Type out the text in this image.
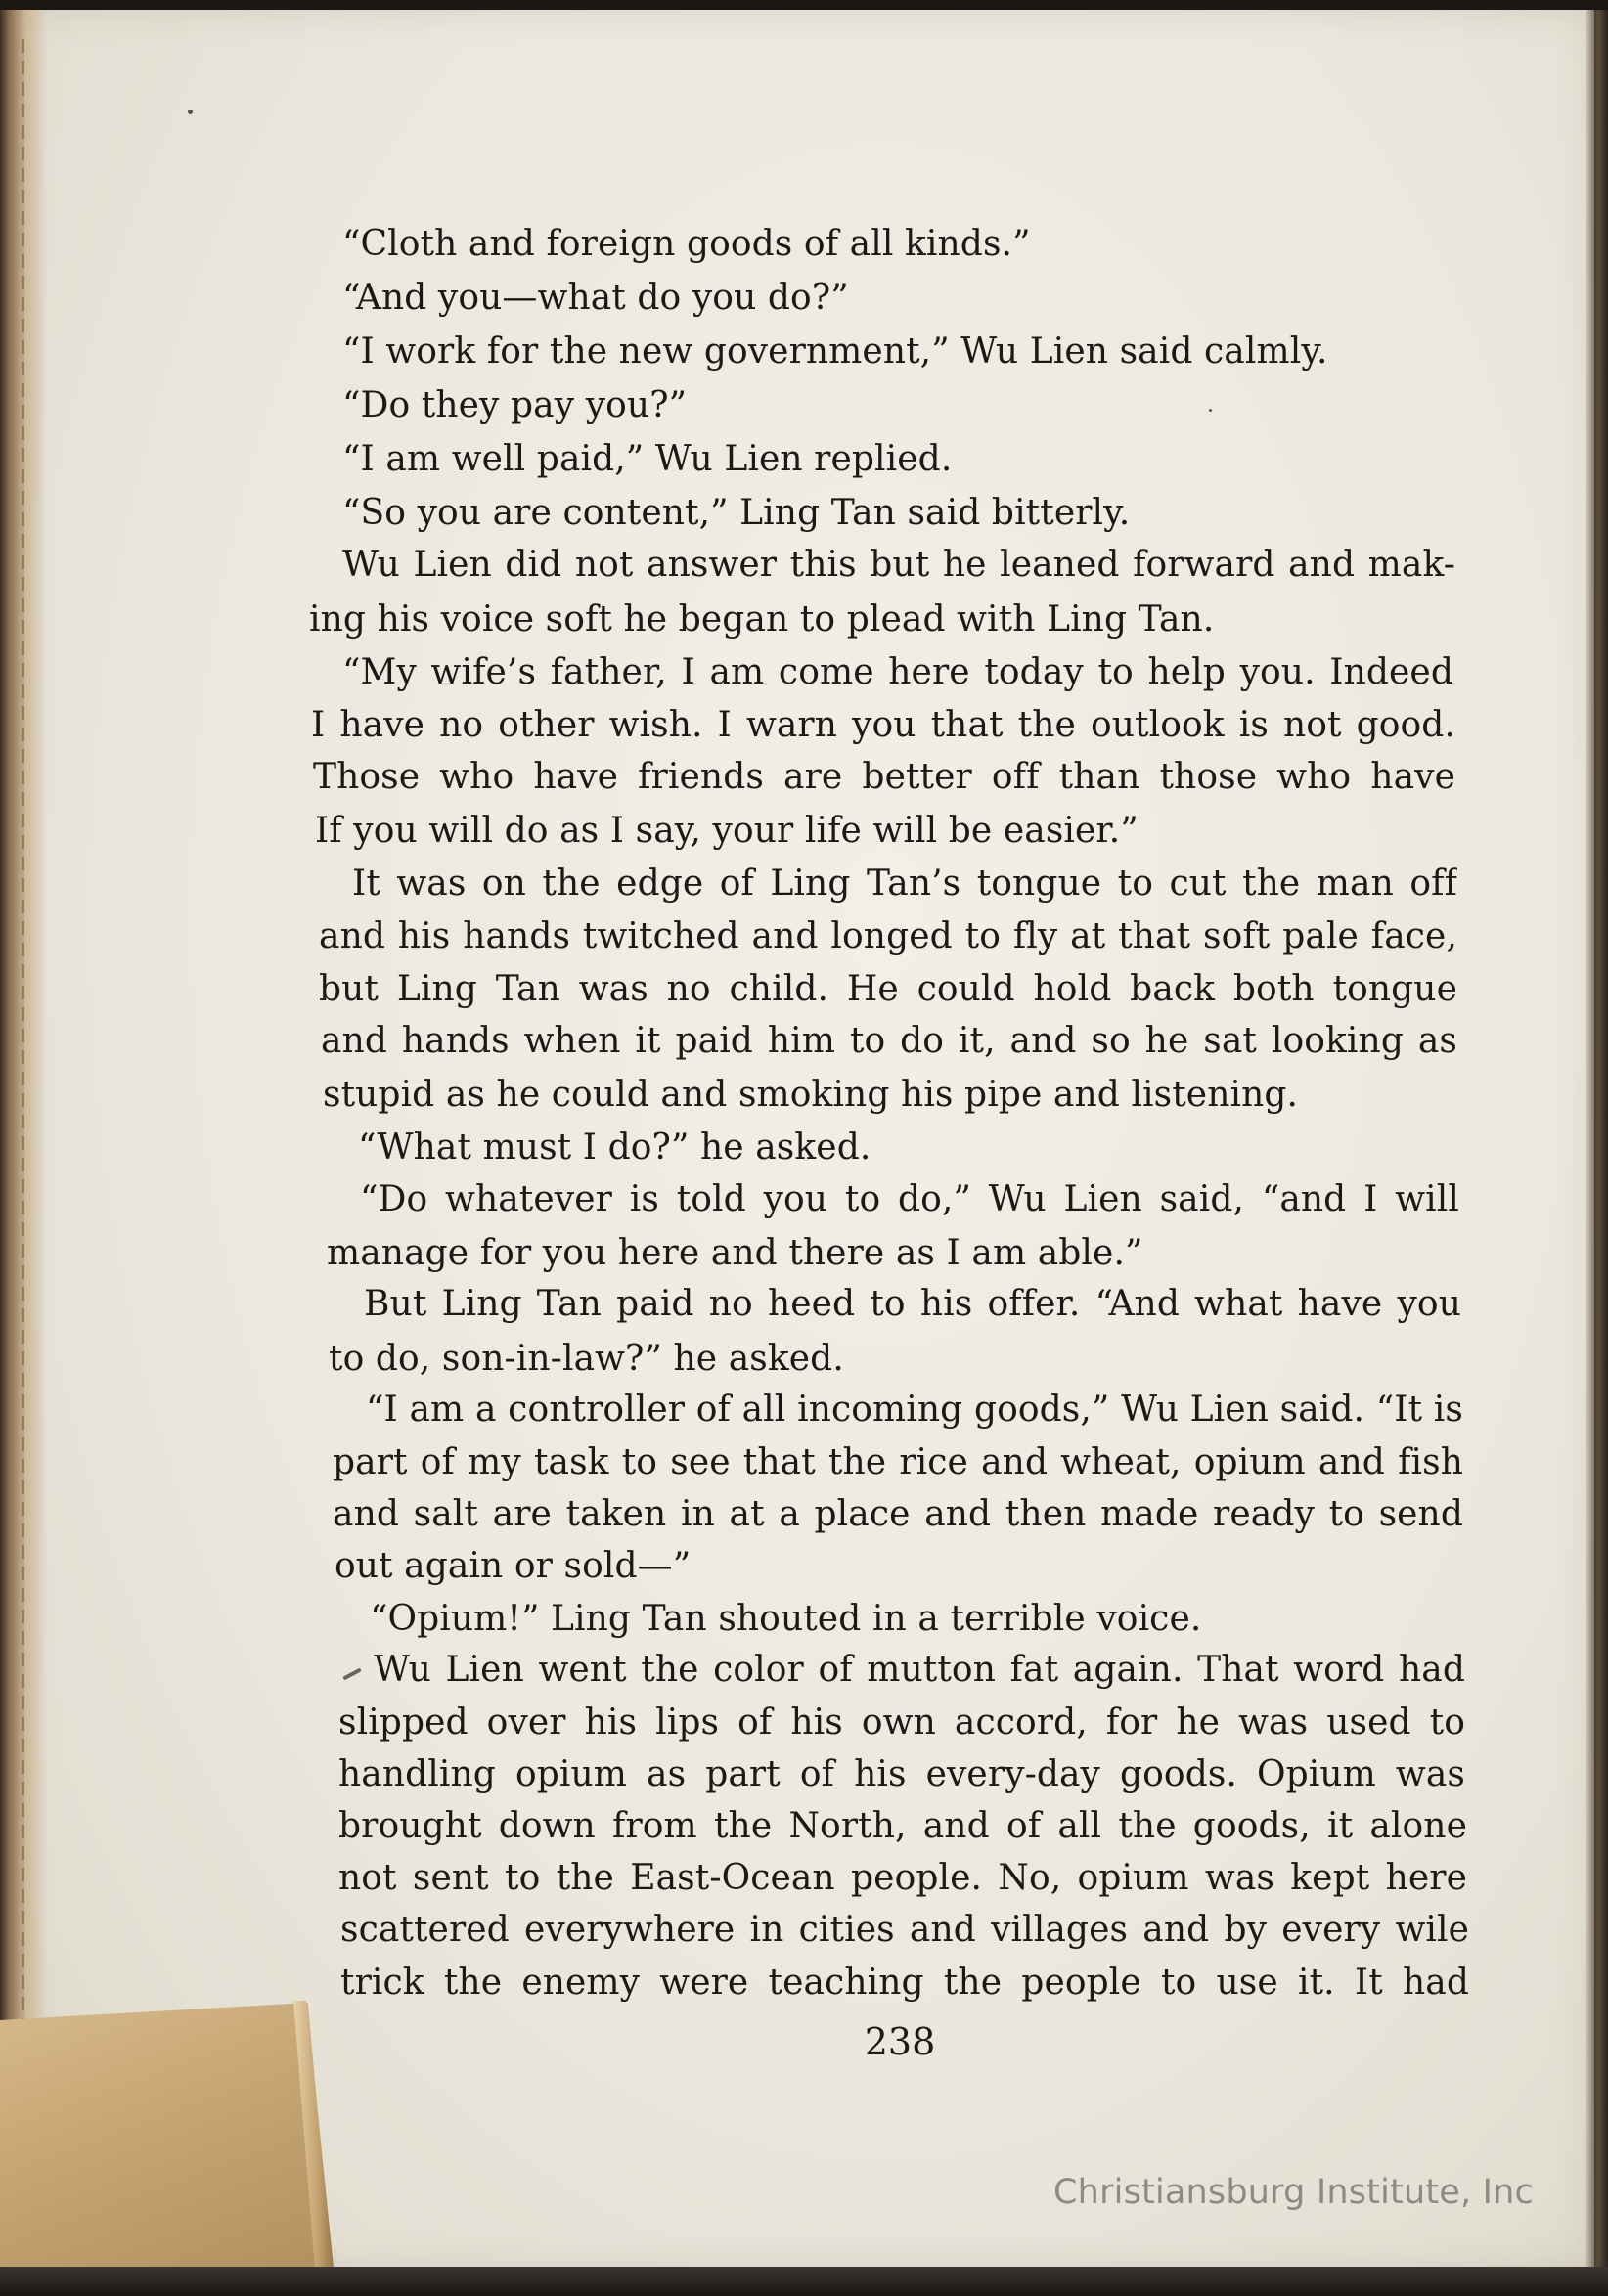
“Cloth and foreign goods of all kinds.”
“And you—what do you do?”
“I work for the new government,” Wu Lien said calmly.
“Do they pay you?”
“I am well paid,” Wu Lien replied.
“So you are content,” Ling Tan said bitterly.
Wu Lien did not answer this but he leaned forward and mak-
ing his voice soft he began to plead with Ling Tan.
“My wife’s father, I am come here today to help you. Indeed
I have no other wish. I warn you that the outlook is not good.
Those who have friends are better off than those who have
If you will do as I say, your life will be easier.”
It was on the edge of Ling Tan’s tongue to cut the man off
and his hands twitched and longed to fly at that soft pale face,
but Ling Tan was no child. He could hold back both tongue
and hands when it paid him to do it, and so he sat looking as
stupid as he could and smoking his pipe and listening.
“What must I do?” he asked.
“Do whatever is told you to do,” Wu Lien said, “and I will
manage for you here and there as I am able.”
But Ling Tan paid no heed to his offer. “And what have you
to do, son-in-law?” he asked.
“I am a controller of all incoming goods,” Wu Lien said. “It is
part of my task to see that the rice and wheat, opium and fish
and salt are taken in at a place and then made ready to send
out again or sold—”
“Opium!” Ling Tan shouted in a terrible voice.
Wu Lien went the color of mutton fat again. That word had
slipped over his lips of his own accord, for he was used to
handling opium as part of his every-day goods. Opium was
brought down from the North, and of all the goods, it alone
not sent to the East-Ocean people. No, opium was kept here
scattered everywhere in cities and villages and by every wile
trick the enemy were teaching the people to use it. It had
238
Christiansburg Institute, Inc
